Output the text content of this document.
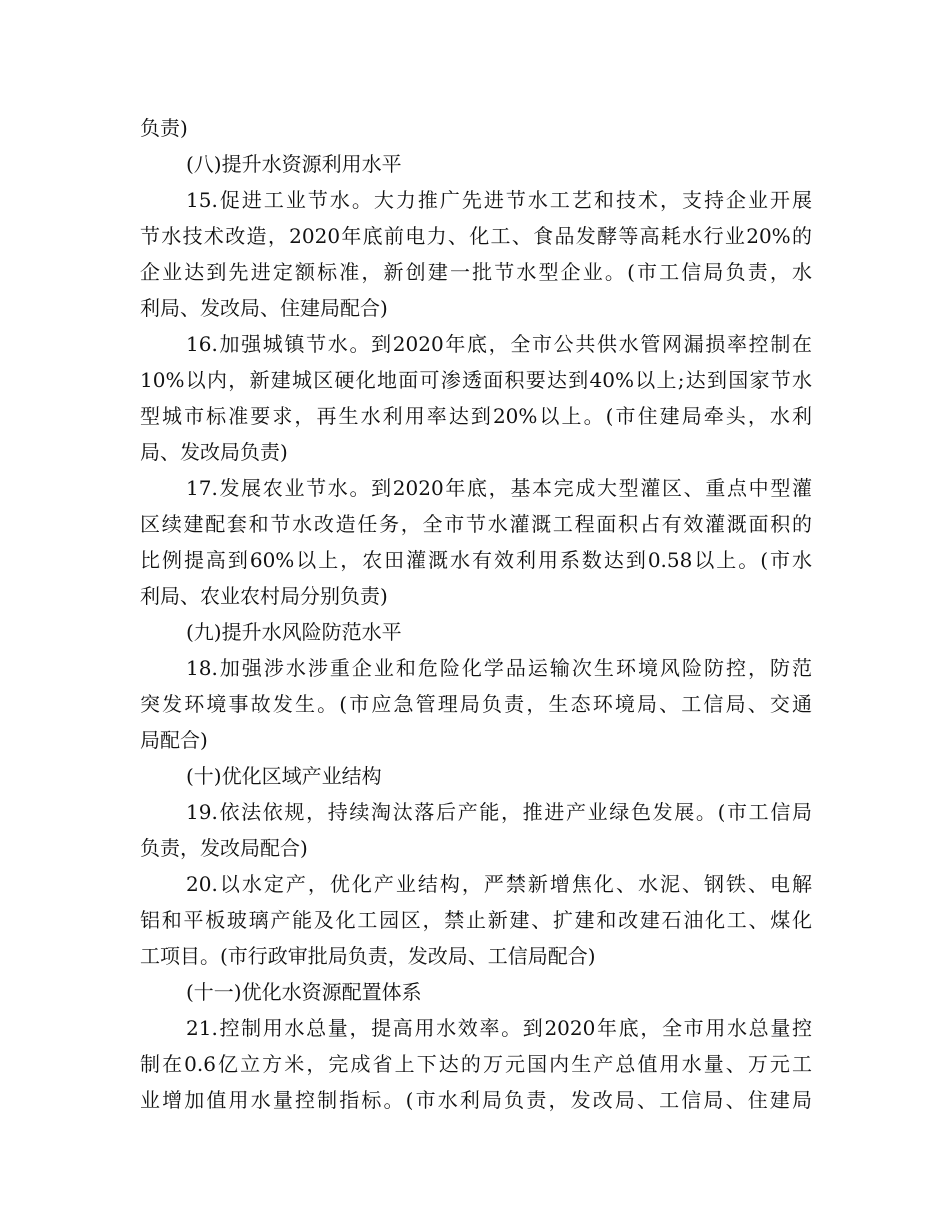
负责)
(八)提升水资源利用水平
15.促进工业节水。大力推广先进节水工艺和技术，支持企业开展
节水技术改造，2020年底前电力、化工、食品发酵等高耗水行业20%的
企业达到先进定额标准，新创建一批节水型企业。(市工信局负责，水
利局、发改局、住建局配合)
16.加强城镇节水。到2020年底，全市公共供水管网漏损率控制在
10%以内，新建城区硬化地面可渗透面积要达到40%以上;达到国家节水
型城市标准要求，再生水利用率达到20%以上。(市住建局牵头，水利
局、发改局负责)
17.发展农业节水。到2020年底，基本完成大型灌区、重点中型灌
区续建配套和节水改造任务，全市节水灌溉工程面积占有效灌溉面积的
比例提高到60%以上，农田灌溉水有效利用系数达到0.58以上。(市水
利局、农业农村局分别负责)
(九)提升水风险防范水平
18.加强涉水涉重企业和危险化学品运输次生环境风险防控，防范
突发环境事故发生。(市应急管理局负责，生态环境局、工信局、交通
局配合)
(十)优化区域产业结构
19.依法依规，持续淘汰落后产能，推进产业绿色发展。(市工信局
负责，发改局配合)
20.以水定产，优化产业结构，严禁新增焦化、水泥、钢铁、电解
铝和平板玻璃产能及化工园区，禁止新建、扩建和改建石油化工、煤化
工项目。(市行政审批局负责，发改局、工信局配合)
(十一)优化水资源配置体系
21.控制用水总量，提高用水效率。到2020年底，全市用水总量控
制在0.6亿立方米，完成省上下达的万元国内生产总值用水量、万元工
业增加值用水量控制指标。(市水利局负责，发改局、工信局、住建局
